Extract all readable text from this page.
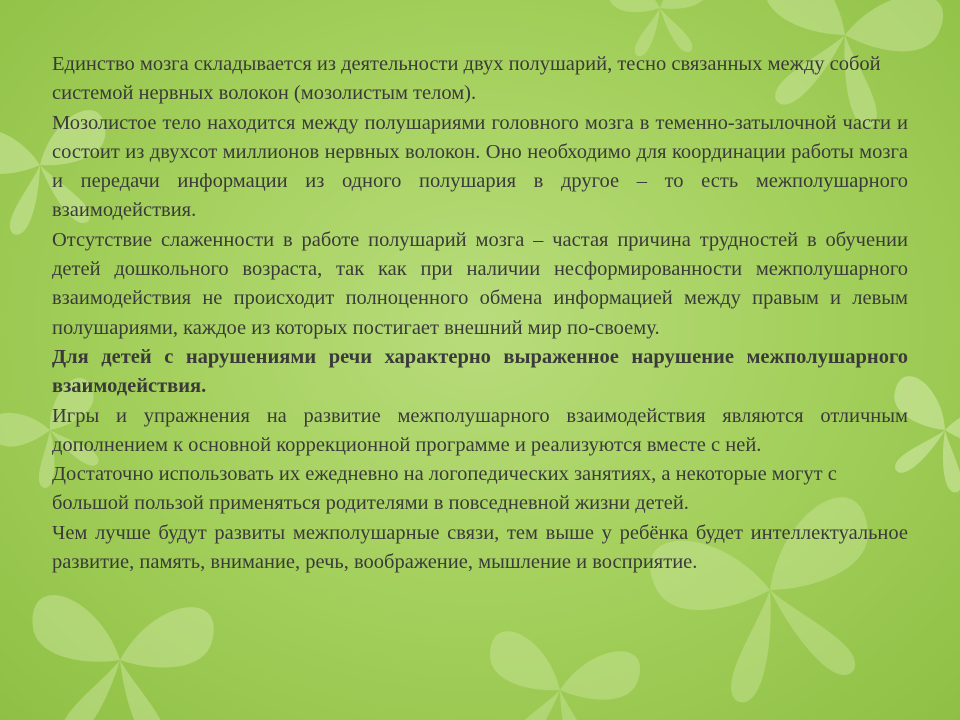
Единство мозга складывается из деятельности двух полушарий, тесно связанных между собой системой нервных волокон (мозолистым телом).

Мозолистое тело находится между полушариями головного мозга в теменно-затылочной части и состоит из двухсот миллионов нервных волокон. Оно необходимо для координации работы мозга и передачи информации из одного полушария в другое – то есть межполушарного взаимодействия.

Отсутствие слаженности в работе полушарий мозга – частая причина трудностей в обучении детей дошкольного возраста, так как при наличии несформированности межполушарного взаимодействия не происходит полноценного обмена информацией между правым и левым полушариями, каждое из которых постигает внешний мир по-своему.

Для детей с нарушениями речи характерно выраженное нарушение межполушарного взаимодействия.

Игры и упражнения на развитие межполушарного взаимодействия являются отличным дополнением к основной коррекционной программе и реализуются вместе с ней.

Достаточно использовать их ежедневно на логопедических занятиях, а некоторые могут с большой пользой применяться родителями в повседневной жизни детей.

Чем лучше будут развиты межполушарные связи, тем выше у ребёнка будет интеллектуальное развитие, память, внимание, речь, воображение, мышление и восприятие.
